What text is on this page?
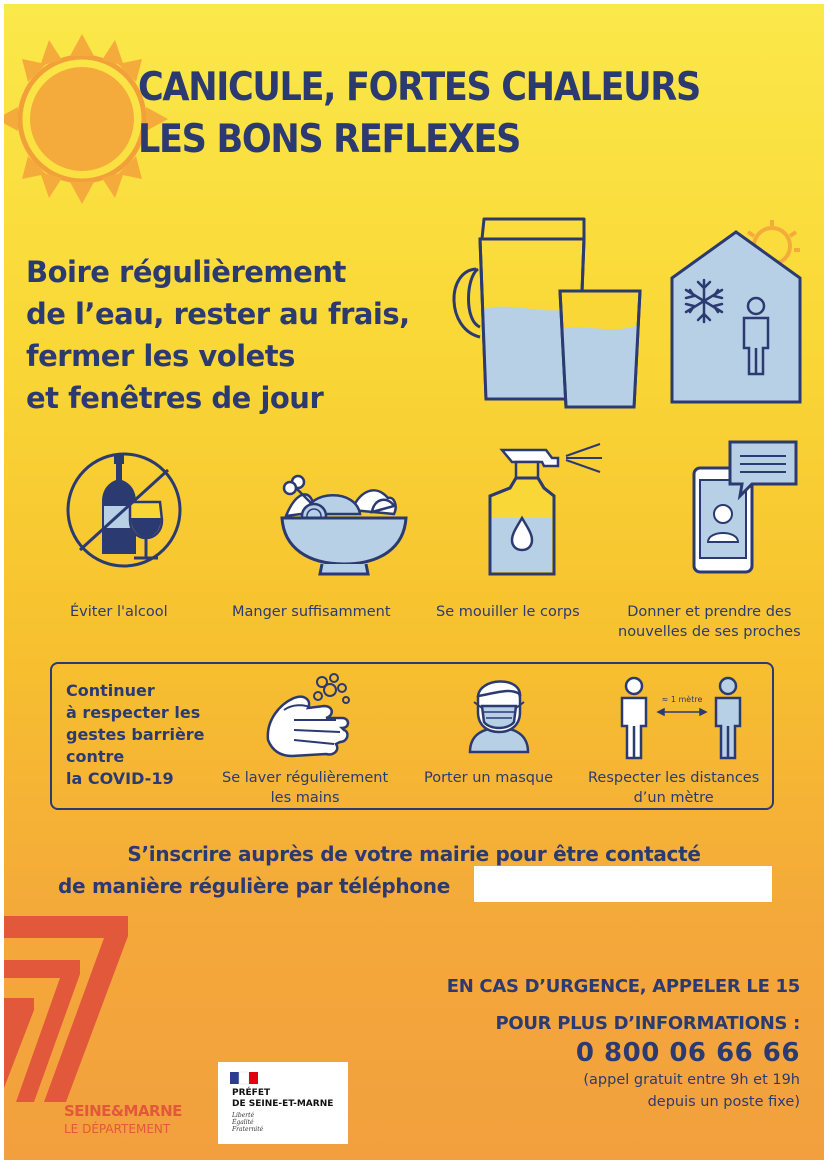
CANICULE, FORTES CHALEURS
LES BONS REFLEXES
Boire régulièrement
de l’eau, rester au frais,
fermer les volets
et fenêtres de jour
Éviter l'alcool	Manger suffisamment	Se mouiller le corps	Donner et prendre des
nouvelles de ses proches
Continuer
à respecter les
gestes barrière
contre
la COVID-19
≈ 1 mètre
Se laver régulièrement
les mains
Porter un masque Respecter les distances
d’un mètre
S’inscrire auprès de votre mairie pour être contacté
de manière régulière par téléphone
SEINE&MARNE
LE DÉPARTEMENT
PRÉFET
DE SEINE-ET-MARNE
Liberté
Égalité
Fraternité
EN CAS D’URGENCE, APPELER LE 15
POUR PLUS D’INFORMATIONS :
0 800 06 66 66
(appel gratuit entre 9h et 19h
depuis un poste fixe)
